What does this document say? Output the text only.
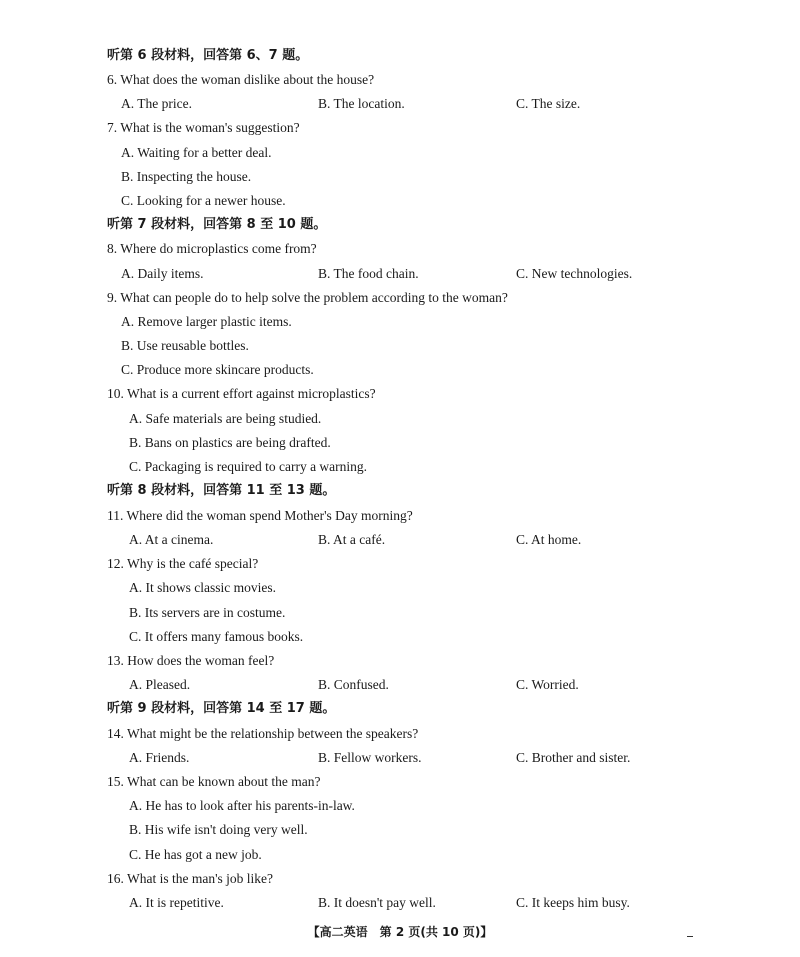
听第 6 段材料，回答第 6、7 题。
6. What does the woman dislike about the house?
A. The price.	B. The location.	C. The size.
7. What is the woman's suggestion?
A. Waiting for a better deal.
B. Inspecting the house.
C. Looking for a newer house.
听第 7 段材料，回答第 8 至 10 题。
8. Where do microplastics come from?
A. Daily items.	B. The food chain.	C. New technologies.
9. What can people do to help solve the problem according to the woman?
A. Remove larger plastic items.
B. Use reusable bottles.
C. Produce more skincare products.
10. What is a current effort against microplastics?
A. Safe materials are being studied.
B. Bans on plastics are being drafted.
C. Packaging is required to carry a warning.
听第 8 段材料，回答第 11 至 13 题。
11. Where did the woman spend Mother's Day morning?
A. At a cinema.	B. At a café.	C. At home.
12. Why is the café special?
A. It shows classic movies.
B. Its servers are in costume.
C. It offers many famous books.
13. How does the woman feel?
A. Pleased.	B. Confused.	C. Worried.
听第 9 段材料，回答第 14 至 17 题。
14. What might be the relationship between the speakers?
A. Friends.	B. Fellow workers.	C. Brother and sister.
15. What can be known about the man?
A. He has to look after his parents-in-law.
B. His wife isn't doing very well.
C. He has got a new job.
16. What is the man's job like?
A. It is repetitive.	B. It doesn't pay well.	C. It keeps him busy.
【高二英语 第 2 页(共 10 页)】
